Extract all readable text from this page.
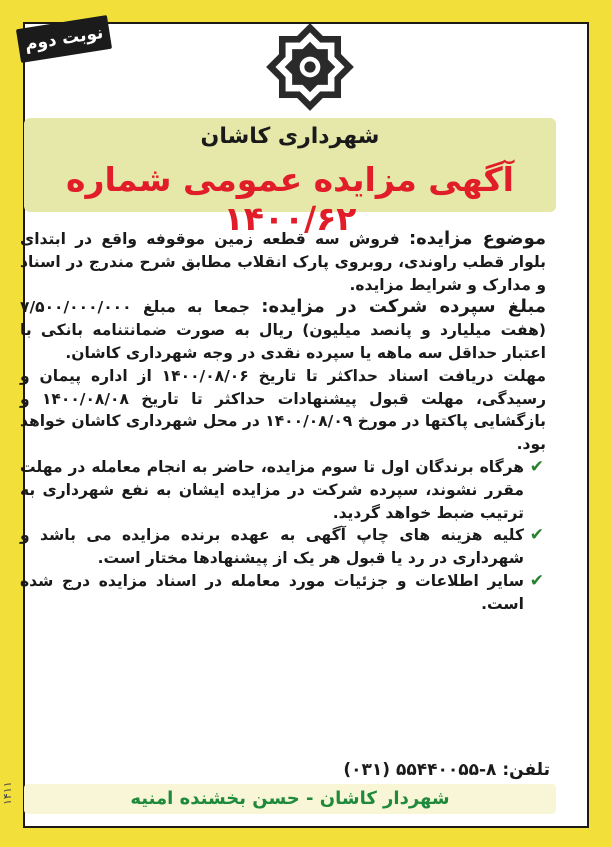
نوبت دوم
شهرداری کاشان
آگهی مزایده عمومی شماره ۱۴۰۰/۶۲

موضوع مزایده: فروش سه قطعه زمین موقوفه واقع در ابتدای بلوار قطب راوندی، روبروی پارک انقلاب مطابق شرح مندرج در اسناد و مدارک و شرایط مزایده.

مبلغ سپرده شرکت در مزایده: جمعا به مبلغ ۷/۵۰۰/۰۰۰/۰۰۰ (هفت میلیارد و پانصد میلیون) ریال به صورت ضمانتنامه بانکی با اعتبار حداقل سه ماهه یا سپرده نقدی در وجه شهرداری کاشان.

مهلت دریافت اسناد حداکثر تا تاریخ ۱۴۰۰/۰۸/۰۶ از اداره پیمان و رسیدگی، مهلت قبول پیشنهادات حداکثر تا تاریخ ۱۴۰۰/۰۸/۰۸ و بازگشایی پاکتها در مورخ ۱۴۰۰/۰۸/۰۹ در محل شهرداری کاشان خواهد بود.

✔
هرگاه برندگان اول تا سوم مزایده، حاضر به انجام معامله در مهلت مقرر نشوند، سپرده شرکت در مزایده ایشان به نفع شهرداری به ترتیب ضبط خواهد گردید.
✔
کلیه هزینه های چاپ آگهی به عهده برنده مزایده می باشد و شهرداری در رد یا قبول هر یک از پیشنهادها مختار است.
✔
سایر اطلاعات و جزئیات مورد معامله در اسناد مزایده درج شده است.
تلفن: ۸-۵۵۴۴۰۰۵۵ (۰۳۱)
شهردار کاشان - حسن بخشنده امنیه
۱۴۱۱
